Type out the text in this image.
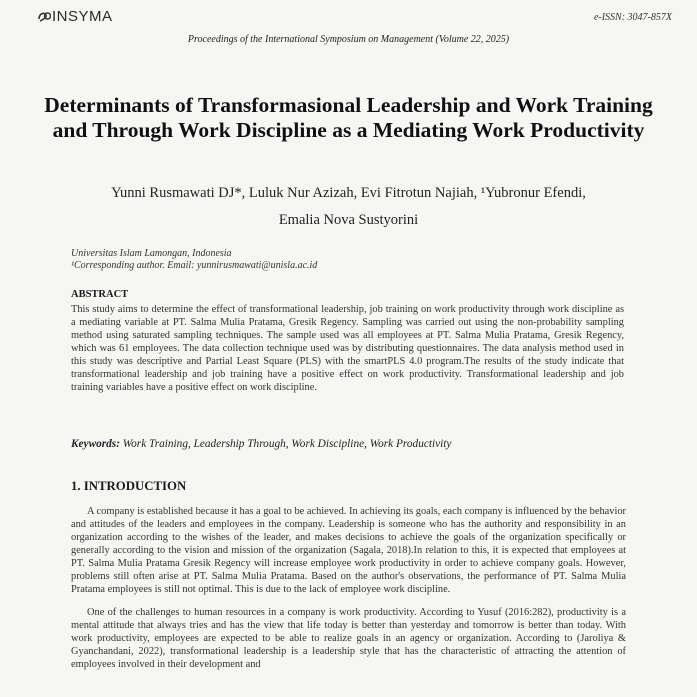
INSYMA	e-ISSN: 3047-857X
Proceedings of the International Symposium on Management (Volume 22, 2025)
Determinants of Transformasional Leadership and Work Training and Through Work Discipline as a Mediating Work Productivity
Yunni Rusmawati DJ*, Luluk Nur Azizah, Evi Fitrotun Najiah, ¹Yubronur Efendi,
Emalia Nova Sustyorini
Universitas Islam Lamongan, Indonesia
¹Corresponding author. Email: yunnirusmawati@unisla.ac.id
ABSTRACT
This study aims to determine the effect of transformational leadership, job training on work productivity through work discipline as a mediating variable at PT. Salma Mulia Pratama, Gresik Regency. Sampling was carried out using the non-probability sampling method using saturated sampling techniques. The sample used was all employees at PT. Salma Mulia Pratama, Gresik Regency, which was 61 employees. The data collection technique used was by distributing questionnaires. The data analysis method used in this study was descriptive and Partial Least Square (PLS) with the smartPLS 4.0 program.The results of the study indicate that transformational leadership and job training have a positive effect on work productivity. Transformational leadership and job training variables have a positive effect on work discipline.
Keywords: Work Training, Leadership Through, Work Discipline, Work Productivity
1. INTRODUCTION

A company is established because it has a goal to be achieved. In achieving its goals, each company is influenced by the behavior and attitudes of the leaders and employees in the company. Leadership is someone who has the authority and responsibility in an organization according to the wishes of the leader, and makes decisions to achieve the goals of the organization specifically or generally according to the vision and mission of the organization (Sagala, 2018).In relation to this, it is expected that employees at PT. Salma Mulia Pratama Gresik Regency will increase employee work productivity in order to achieve company goals. However, problems still often arise at PT. Salma Mulia Pratama. Based on the author's observations, the performance of PT. Salma Mulia Pratama employees is still not optimal. This is due to the lack of employee work discipline.

One of the challenges to human resources in a company is work productivity. According to Yusuf (2016:282), productivity is a mental attitude that always tries and has the view that life today is better than yesterday and tomorrow is better than today. With work productivity, employees are expected to be able to realize goals in an agency or organization. According to (Jaroliya & Gyanchandani, 2022), transformational leadership is a leadership style that has the characteristic of attracting the attention of employees involved in their development and
